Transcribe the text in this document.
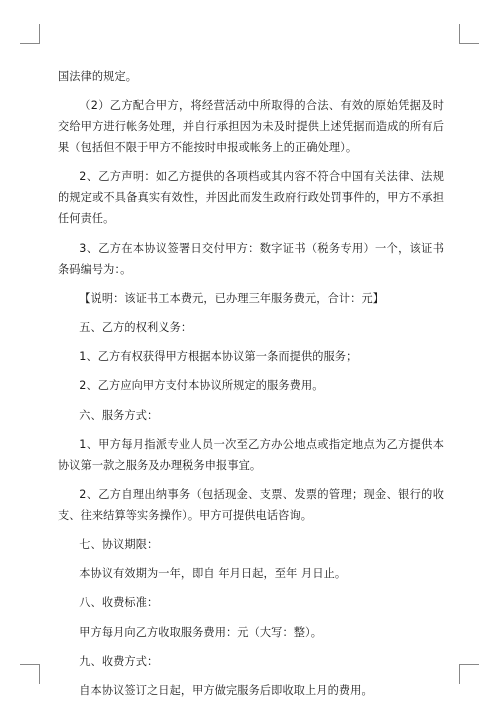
国法律的规定。

（2）乙方配合甲方，将经营活动中所取得的合法、有效的原始凭据及时交给甲方进行帐务处理，并自行承担因为未及时提供上述凭据而造成的所有后果（包括但不限于甲方不能按时申报或帐务上的正确处理）。

2、乙方声明：如乙方提供的各项档或其内容不符合中国有关法律、法规的规定或不具备真实有效性，并因此而发生政府行政处罚事件的，甲方不承担任何责任。

3、乙方在本协议签署日交付甲方：数字证书（税务专用）一个，该证书条码编号为：。

【说明：该证书工本费元，已办理三年服务费元，合计：元】

五、乙方的权利义务：

1、乙方有权获得甲方根据本协议第一条而提供的服务；

2、乙方应向甲方支付本协议所规定的服务费用。

六、服务方式：

1、甲方每月指派专业人员一次至乙方办公地点或指定地点为乙方提供本协议第一款之服务及办理税务申报事宜。

2、乙方自理出纳事务（包括现金、支票、发票的管理；现金、银行的收支、往来结算等实务操作）。甲方可提供电话咨询。

七、协议期限：

本协议有效期为一年，即自 年月日起，至年 月日止。

八、收费标准：

甲方每月向乙方收取服务费用：元（大写：整）。

九、收费方式：

自本协议签订之日起，甲方做完服务后即收取上月的费用。
